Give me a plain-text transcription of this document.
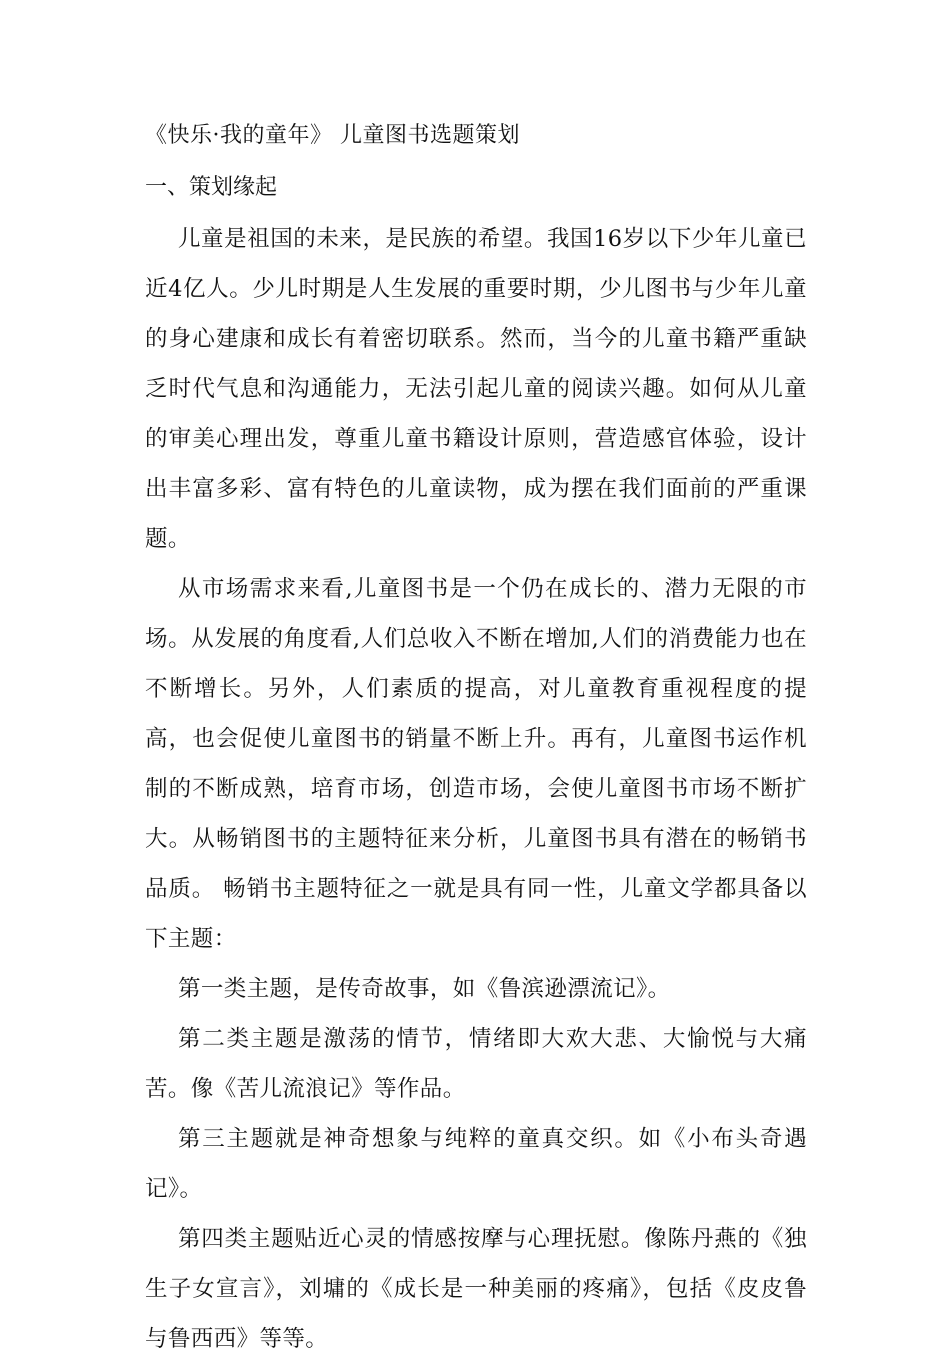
《快乐·我的童年》 儿童图书选题策划
一、策划缘起

儿童是祖国的未来，是民族的希望。我国16岁以下少年儿童已近4亿人。少儿时期是人生发展的重要时期，少儿图书与少年儿童的身心建康和成长有着密切联系。然而，当今的儿童书籍严重缺乏时代气息和沟通能力，无法引起儿童的阅读兴趣。如何从儿童的审美心理出发，尊重儿童书籍设计原则，营造感官体验，设计出丰富多彩、富有特色的儿童读物，成为摆在我们面前的严重课题。

从市场需求来看,儿童图书是一个仍在成长的、潜力无限的市场。从发展的角度看,人们总收入不断在增加,人们的消费能力也在不断增长。另外，人们素质的提高，对儿童教育重视程度的提高，也会促使儿童图书的销量不断上升。再有，儿童图书运作机制的不断成熟，培育市场，创造市场，会使儿童图书市场不断扩大。从畅销图书的主题特征来分析，儿童图书具有潜在的畅销书品质。 畅销书主题特征之一就是具有同一性，儿童文学都具备以下主题：

第一类主题，是传奇故事，如《鲁滨逊漂流记》。

第二类主题是激荡的情节，情绪即大欢大悲、大愉悦与大痛苦。像《苦儿流浪记》等作品。

第三主题就是神奇想象与纯粹的童真交织。如《小布头奇遇记》。

第四类主题贴近心灵的情感按摩与心理抚慰。像陈丹燕的《独生子女宣言》，刘墉的《成长是一种美丽的疼痛》，包括《皮皮鲁与鲁西西》等等。
